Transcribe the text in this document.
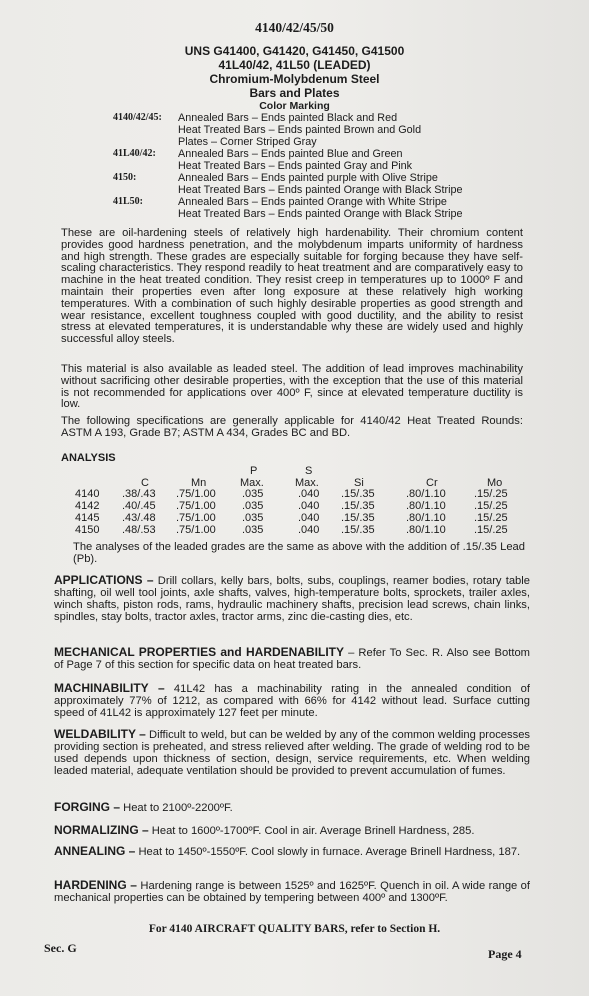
4140/42/45/50
UNS G41400, G41420, G41450, G41500
41L40/42, 41L50 (LEADED)
Chromium-Molybdenum Steel
Bars and Plates
Color Marking
4140/42/45: Annealed Bars – Ends painted Black and Red
Heat Treated Bars – Ends painted Brown and Gold
Plates – Corner Striped Gray
41L40/42: Annealed Bars – Ends painted Blue and Green
Heat Treated Bars – Ends painted Gray and Pink
4150:	Annealed Bars – Ends painted purple with Olive Stripe
Heat Treated Bars – Ends painted Orange with Black Stripe
41L50:	Annealed Bars – Ends painted Orange with White Stripe
Heat Treated Bars – Ends painted Orange with Black Stripe
These are oil-hardening steels of relatively high hardenability. Their chromium content provides good hardness penetration, and the molybdenum imparts uniformity of hardness and high strength. These grades are especially suitable for forging because they have self-scaling characteristics. They respond readily to heat treatment and are comparatively easy to machine in the heat treated condition. They resist creep in temperatures up to 1000º F and maintain their properties even after long exposure at these relatively high working temperatures. With a combination of such highly desirable properties as good strength and wear resistance, excellent toughness coupled with good ductility, and the ability to resist stress at elevated temperatures, it is understandable why these are widely used and highly successful alloy steels.
This material is also available as leaded steel. The addition of lead improves machinability without sacrificing other desirable properties, with the exception that the use of this material is not recommended for applications over 400º F, since at elevated temperature ductility is low.
The following specifications are generally applicable for 4140/42 Heat Treated Rounds: ASTM A 193, Grade B7; ASTM A 434, Grades BC and BD.
ANALYSIS
P	S
C	Mn	Max.	Max.	Si	Cr	Mo
4140 .38/.43 .75/1.00 .035	.040 .15/.35	.80/1.10	.15/.25
4142 .40/.45 .75/1.00 .035	.040 .15/.35	.80/1.10	.15/.25
4145 .43/.48 .75/1.00 .035	.040 .15/.35	.80/1.10	.15/.25
4150 .48/.53 .75/1.00 .035	.040 .15/.35	.80/1.10	.15/.25
The analyses of the leaded grades are the same as above with the addition of .15/.35 Lead (Pb).
APPLICATIONS – Drill collars, kelly bars, bolts, subs, couplings, reamer bodies, rotary table shafting, oil well tool joints, axle shafts, valves, high-temperature bolts, sprockets, trailer axles, winch shafts, piston rods, rams, hydraulic machinery shafts, precision lead screws, chain links, spindles, stay bolts, tractor axles, tractor arms, zinc die-casting dies, etc.
MECHANICAL PROPERTIES and HARDENABILITY – Refer To Sec. R. Also see Bottom of Page 7 of this section for specific data on heat treated bars.
MACHINABILITY – 41L42 has a machinability rating in the annealed condition of approximately 77% of 1212, as compared with 66% for 4142 without lead. Surface cutting speed of 41L42 is approximately 127 feet per minute.
WELDABILITY – Difficult to weld, but can be welded by any of the common welding processes providing section is preheated, and stress relieved after welding. The grade of welding rod to be used depends upon thickness of section, design, service requirements, etc. When welding leaded material, adequate ventilation should be provided to prevent accumulation of fumes.
FORGING – Heat to 2100º-2200ºF.
NORMALIZING – Heat to 1600º-1700ºF. Cool in air. Average Brinell Hardness, 285.
ANNEALING – Heat to 1450º-1550ºF. Cool slowly in furnace. Average Brinell Hardness, 187.
HARDENING – Hardening range is between 1525º and 1625ºF. Quench in oil. A wide range of mechanical properties can be obtained by tempering between 400º and 1300ºF.
For 4140 AIRCRAFT QUALITY BARS, refer to Section H.
Sec. G	Page 4
